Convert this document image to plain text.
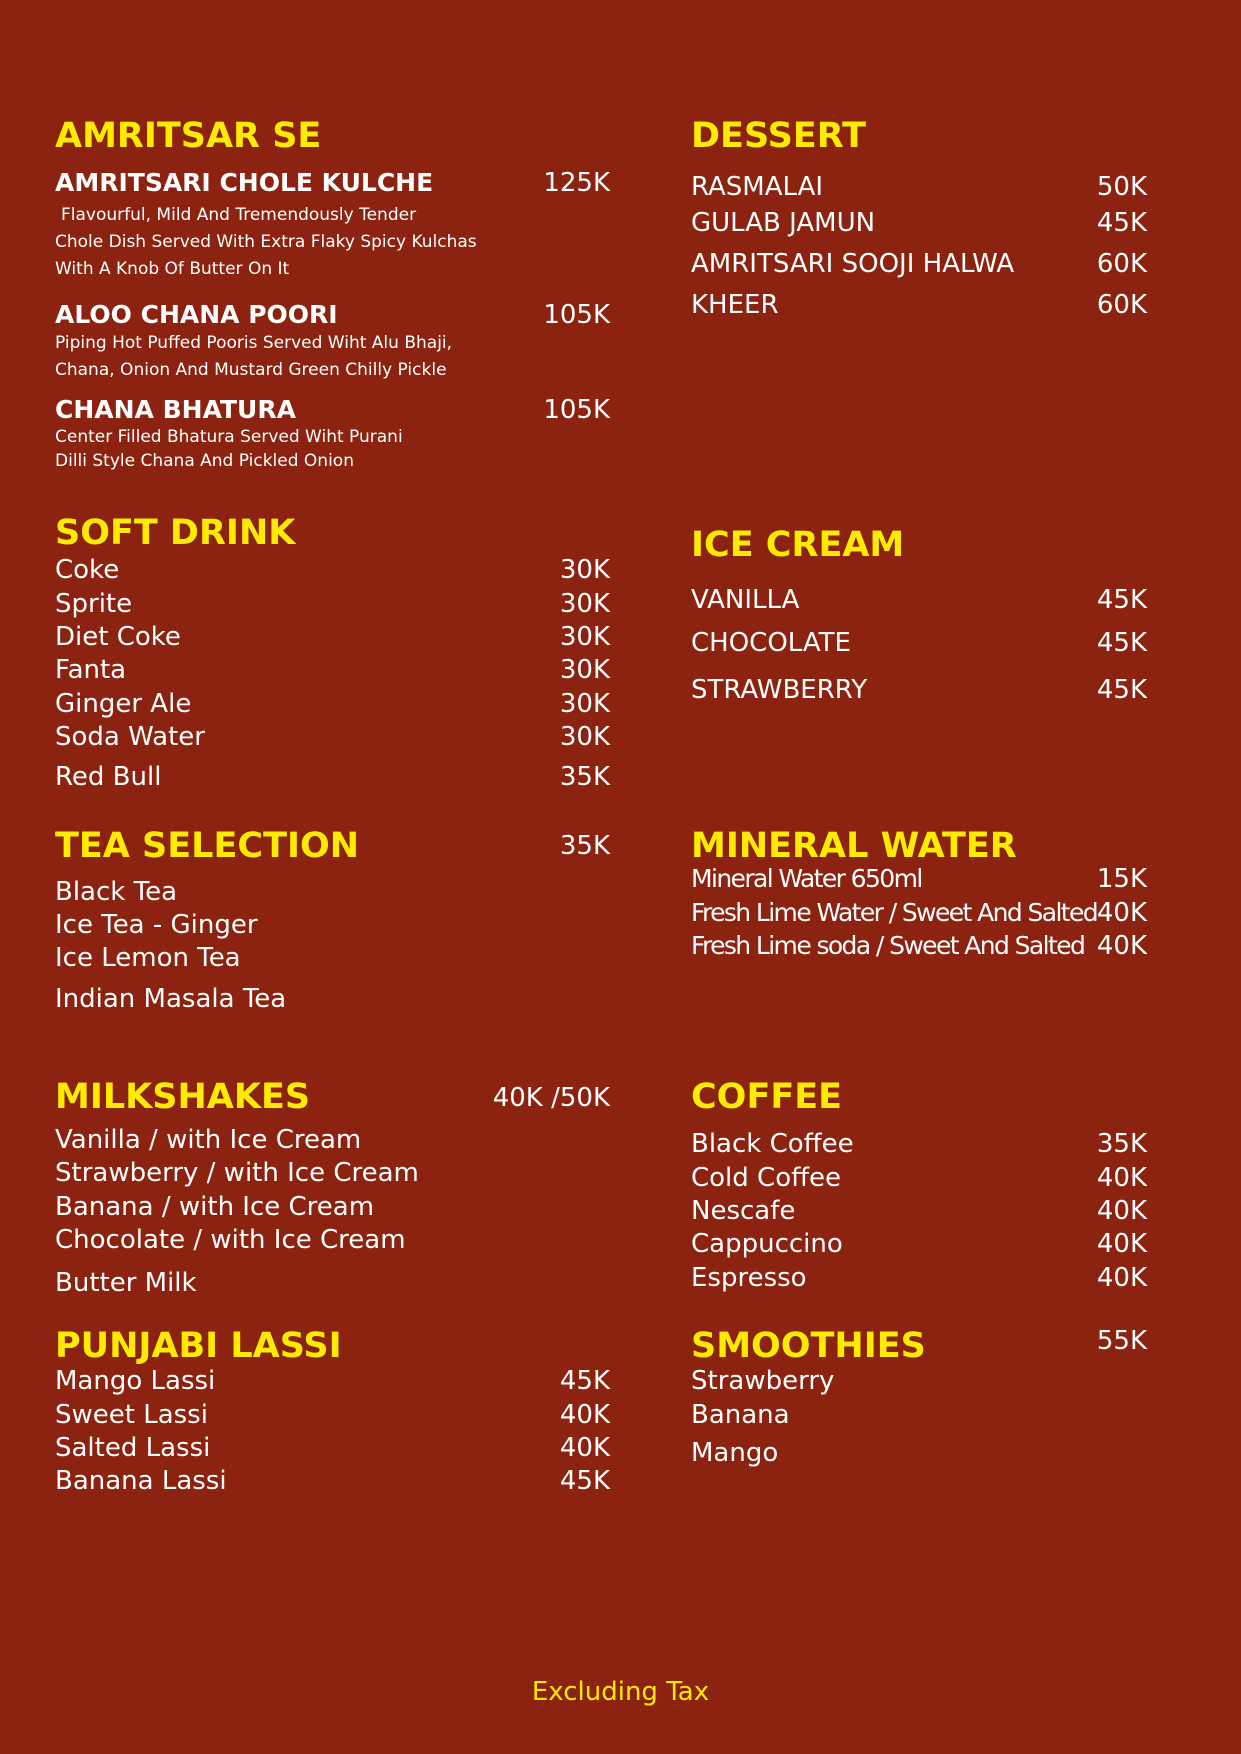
AMRITSAR SE
AMRITSARI CHOLE KULCHE	125K
Flavourful, Mild And Tremendously Tender
Chole Dish Served With Extra Flaky Spicy Kulchas
With A Knob Of Butter On It
ALOO CHANA POORI	105K
Piping Hot Puffed Pooris Served Wiht Alu Bhaji,
Chana, Onion And Mustard Green Chilly Pickle
CHANA BHATURA	105K
Center Filled Bhatura Served Wiht Purani
Dilli Style Chana And Pickled Onion
DESSERT
RASMALAI	50K
GULAB JAMUN	45K
AMRITSARI SOOJI HALWA	60K
KHEER	60K
SOFT DRINK
Coke	30K
Sprite	30K
Diet Coke	30K
Fanta	30K
Ginger Ale	30K
Soda Water	30K
Red Bull	35K
ICE CREAM
VANILLA	45K
CHOCOLATE	45K
STRAWBERRY	45K
TEA SELECTION	35K
Black Tea
Ice Tea - Ginger
Ice Lemon Tea
Indian Masala Tea
MINERAL WATER
Mineral Water 650ml	15K
Fresh Lime Water / Sweet And Salted 40K
Fresh Lime soda / Sweet And Salted 40K
MILKSHAKES	40K /50K
Vanilla / with Ice Cream
Strawberry / with Ice Cream
Banana / with Ice Cream
Chocolate / with Ice Cream
Butter Milk
COFFEE
Black Coffee	35K
Cold Coffee	40K
Nescafe	40K
Cappuccino	40K
Espresso	40K
PUNJABI LASSI
Mango Lassi	45K
Sweet Lassi	40K
Salted Lassi	40K
Banana Lassi	45K
SMOOTHIES	55K
Strawberry
Banana
Mango
Excluding Tax
